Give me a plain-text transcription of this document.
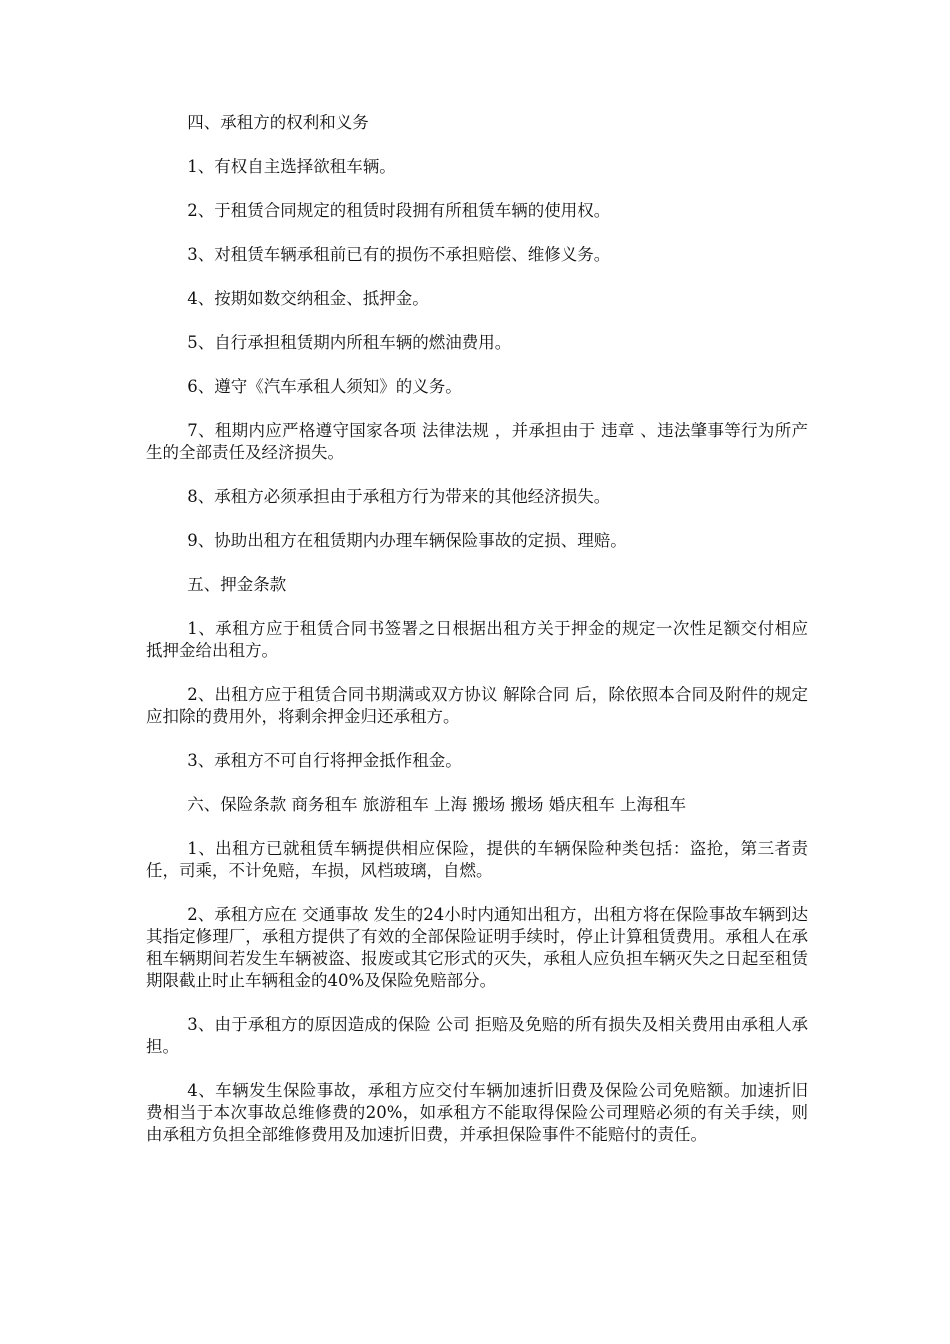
四、承租方的权利和义务

1、有权自主选择欲租车辆。

2、于租赁合同规定的租赁时段拥有所租赁车辆的使用权。

3、对租赁车辆承租前已有的损伤不承担赔偿、维修义务。

4、按期如数交纳租金、抵押金。

5、自行承担租赁期内所租车辆的燃油费用。

6、遵守《汽车承租人须知》的义务。

7、租期内应严格遵守国家各项 法律法规 ，并承担由于 违章 、违法肇事等行为所产生的全部责任及经济损失。

8、承租方必须承担由于承租方行为带来的其他经济损失。

9、协助出租方在租赁期内办理车辆保险事故的定损、理赔。

五、押金条款

1、承租方应于租赁合同书签署之日根据出租方关于押金的规定一次性足额交付相应抵押金给出租方。

2、出租方应于租赁合同书期满或双方协议 解除合同 后，除依照本合同及附件的规定应扣除的费用外，将剩余押金归还承租方。

3、承租方不可自行将押金抵作租金。

六、保险条款 商务租车 旅游租车 上海 搬场 搬场 婚庆租车 上海租车

1、出租方已就租赁车辆提供相应保险，提供的车辆保险种类包括：盗抢，第三者责任，司乘，不计免赔，车损，风档玻璃，自燃。

2、承租方应在 交通事故 发生的24小时内通知出租方，出租方将在保险事故车辆到达其指定修理厂，承租方提供了有效的全部保险证明手续时，停止计算租赁费用。承租人在承租车辆期间若发生车辆被盗、报废或其它形式的灭失，承租人应负担车辆灭失之日起至租赁期限截止时止车辆租金的40%及保险免赔部分。

3、由于承租方的原因造成的保险 公司 拒赔及免赔的所有损失及相关费用由承租人承担。

4、车辆发生保险事故，承租方应交付车辆加速折旧费及保险公司免赔额。加速折旧费相当于本次事故总维修费的20%，如承租方不能取得保险公司理赔必须的有关手续，则由承租方负担全部维修费用及加速折旧费，并承担保险事件不能赔付的责任。
